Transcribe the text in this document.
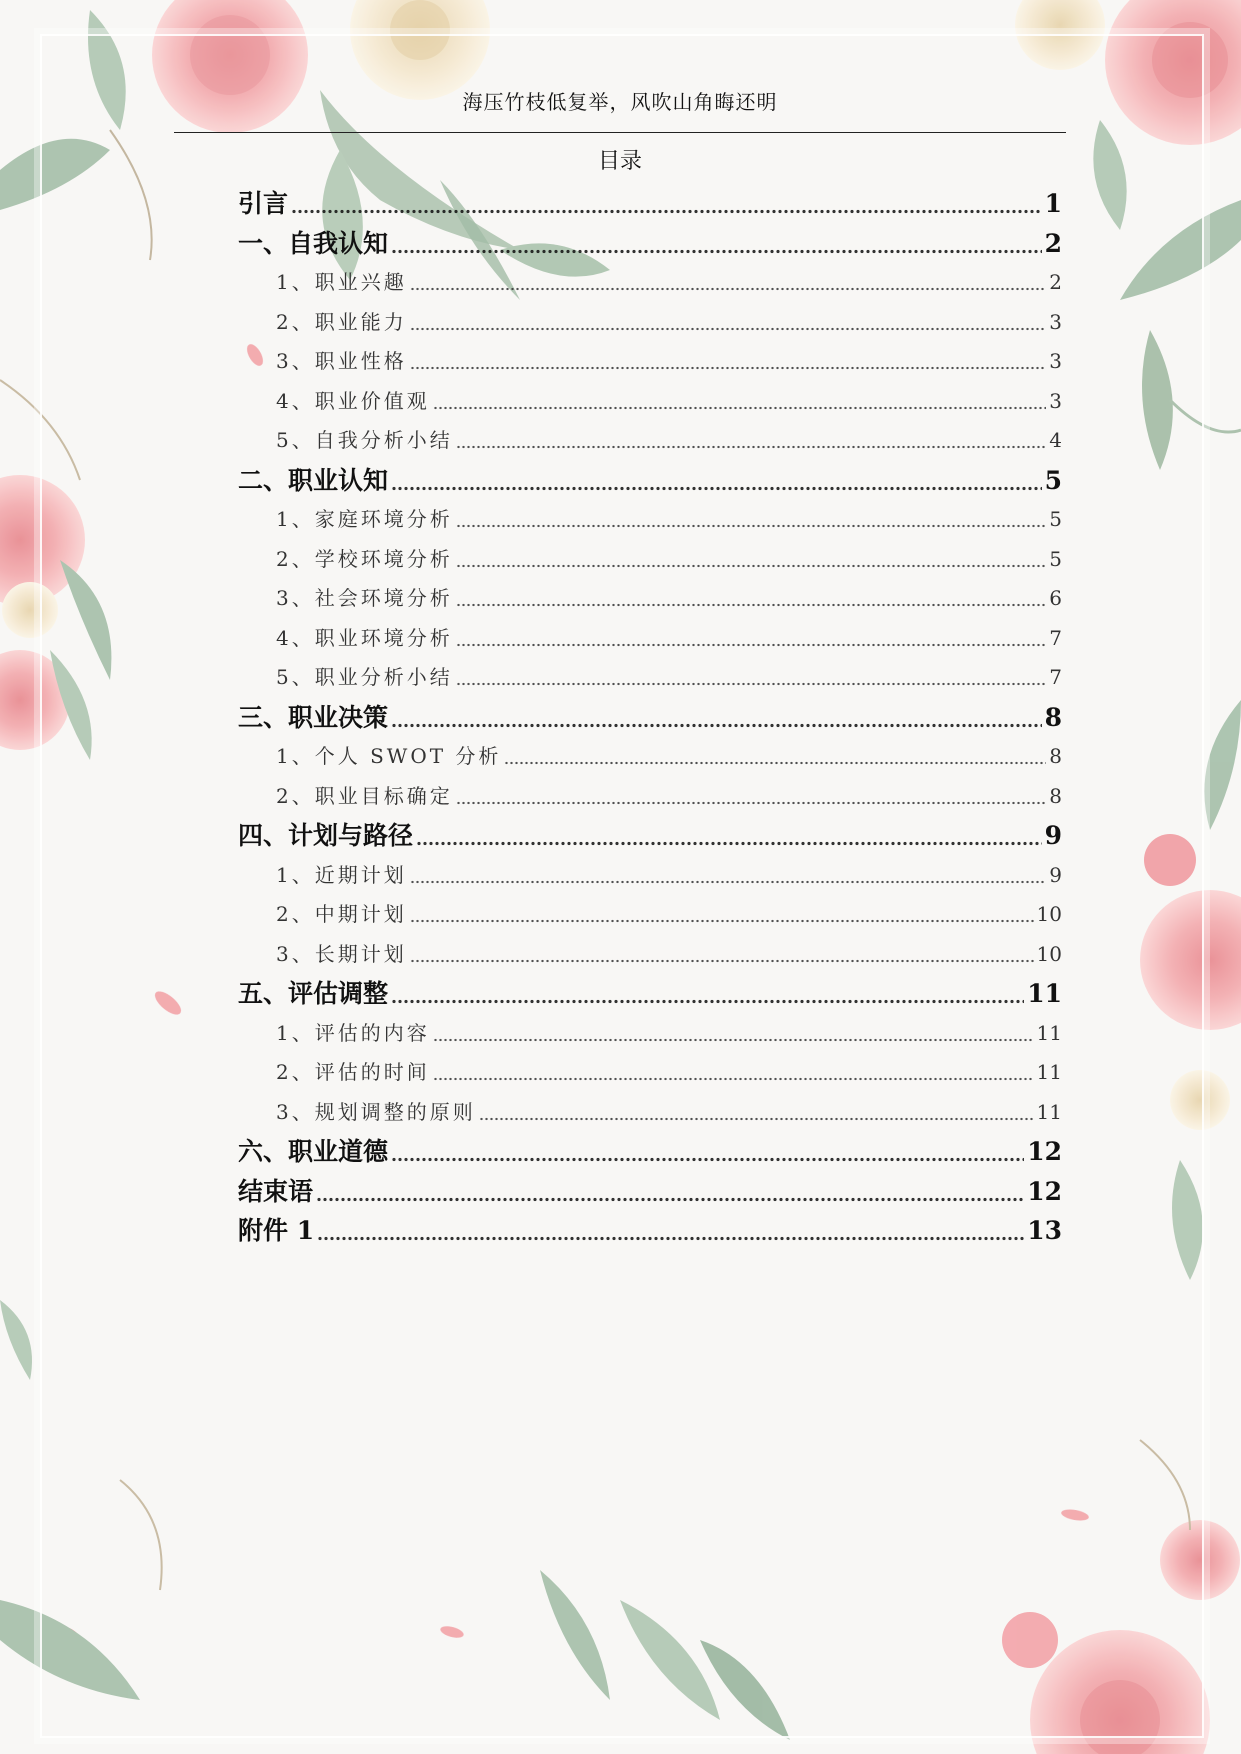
海压竹枝低复举，风吹山角晦还明
目录
引言	1
一、自我认知	2
1、职业兴趣	2
2、职业能力	3
3、职业性格	3
4、职业价值观	3
5、自我分析小结	4
二、职业认知	5
1、家庭环境分析	5
2、学校环境分析	5
3、社会环境分析	6
4、职业环境分析	7
5、职业分析小结	7
三、职业决策	8
1、个人 SWOT 分析	8
2、职业目标确定	8
四、计划与路径	9
1、近期计划	9
2、中期计划	10
3、长期计划	10
五、评估调整	11
1、评估的内容	11
2、评估的时间	11
3、规划调整的原则	11
六、职业道德	12
结束语	12
附件 1	13
